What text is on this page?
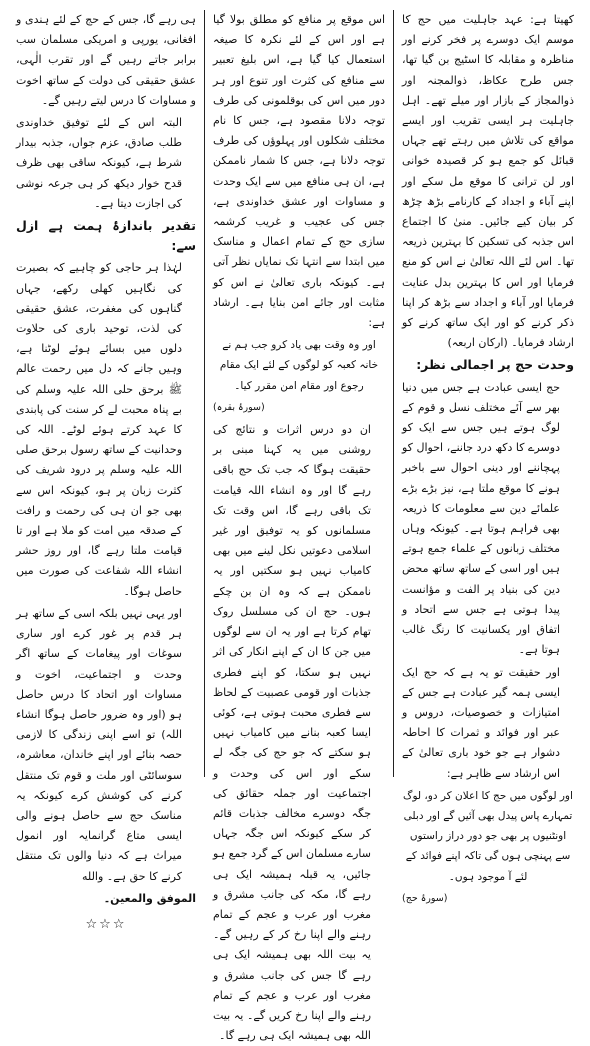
کھیتا ہے: عہد جاہلیت میں حج کا موسم ایک دوسرے پر فخر کرنے اور مناظرہ و مقابلہ کا اسٹیج بن گیا تھا، جس طرح عکاظ، ذوالمجنہ اور ذوالمجاز کے بازار اور میلے تھے۔ اہل جاہلیت ہر ایسی تقریب اور ایسے مواقع کی تلاش میں رہتے تھے جہاں قبائل کو جمع ہو کر قصیدہ خوانی اور لن ترانی کا موقع مل سکے اور اپنے آباء و اجداد کے کارنامے بڑھ چڑھ کر بیان کیے جائیں۔ منیٰ کا اجتماع اس جذبہ کی تسکین کا بہترین ذریعہ تھا۔ اس لئے اللہ تعالیٰ نے اس کو منع فرمایا اور اس کا بہترین بدل عنایت فرمایا اور آباء و اجداد سے بڑھ کر اپنا ذکر کرنے کو اور ایک ساتھ کرنے کو ارشاد فرمایا۔ (ارکان اربعہ)

وحدت حج پر اجمالی نظر:

حج ایسی عبادت ہے جس میں دنیا بھر سے آئے مختلف نسل و قوم کے لوگ ہوتے ہیں جس سے ایک کو دوسرے کا دکھ درد جاننے، احوال کو پہچاننے اور دینی احوال سے باخبر ہونے کا موقع ملتا ہے، نیز بڑے بڑے علمائے دین سے معلومات کا ذریعہ بھی فراہم ہوتا ہے۔ کیونکہ وہاں مختلف زبانوں کے علماء جمع ہوتے ہیں اور اسی کے ساتھ ساتھ محض دین کی بنیاد پر الفت و مؤانست پیدا ہوتی ہے جس سے اتحاد و اتفاق اور یکسانیت کا رنگ غالب ہوتا ہے۔

اور حقیقت تو یہ ہے کہ حج ایک ایسی ہمہ گیر عبادت ہے جس کے امتیازات و خصوصیات، دروس و عبر اور فوائد و ثمرات کا احاطہ دشوار ہے جو خود باری تعالیٰ کے اس ارشاد سے ظاہر ہے:

اور لوگوں میں حج کا اعلان کر دو، لوگ تمہارے پاس پیدل بھی آئیں گے اور دبلی اونٹنیوں پر بھی جو دور دراز راستوں سے پہنچی ہوں گی تاکہ اپنے فوائد کے لئے آ موجود ہوں۔

(سورۂ حج)

اس موقع پر منافع کو مطلق بولا گیا ہے اور اس کے لئے نکرہ کا صیغہ استعمال کیا گیا ہے، اس بلیغ تعبیر سے منافع کی کثرت اور تنوع اور ہر دور میں اس کی بوقلمونی کی طرف توجہ دلانا مقصود ہے، جس کا نام مختلف شکلوں اور پہلوؤں کی طرف توجہ دلانا ہے، جس کا شمار ناممکن ہے، ان ہی منافع میں سے ایک وحدت و مساوات اور عشق خداوندی ہے، جس کی عجیب و غریب کرشمہ سازی حج کے تمام اعمال و مناسک میں ابتدا سے انتہا تک نمایاں نظر آتی ہے۔ کیونکہ باری تعالیٰ نے اس کو مثابت اور جائے امن بنایا ہے۔ ارشاد ہے:

اور وہ وقت بھی یاد کرو جب ہم نے خانہ کعبہ کو لوگوں کے لئے ایک مقام رجوع اور مقام امن مقرر کیا۔

(سورۂ بقرہ)

ان دو درس اثرات و نتائج کی روشنی میں یہ کہنا مبنی بر حقیقت ہوگا کہ جب تک حج باقی رہے گا اور وہ انشاء اللہ قیامت تک باقی رہے گا، اس وقت تک مسلمانوں کو یہ توفیق اور غیر اسلامی دعوتیں نکل لینے میں بھی کامیاب نہیں ہو سکتیں اور یہ ناممکن ہے کہ وہ ان بن چکے ہوں۔ حج ان کی مسلسل روک تھام کرتا ہے اور یہ ان سے لوگوں میں جن کا ان کے اپنے انکار کی اثر نہیں ہو سکتا، کو اپنے فطری جذبات اور قومی عصبیت کے لحاظ سے فطری محبت ہوتی ہے، کوئی ایسا کعبہ بنانے میں کامیاب نہیں ہو سکتے کہ جو حج کی جگہ لے سکے اور اس کی وحدت و اجتماعیت اور جملہ حقائق کی جگہ دوسرے مخالف جذبات قائم کر سکے کیونکہ اس جگہ جہاں سارے مسلمان اس کے گرد جمع ہو جائیں، یہ قبلہ ہمیشہ ایک ہی رہے گا، مکہ کی جانب مشرق و مغرب اور عرب و عجم کے تمام رہنے والے اپنا رخ کر کے رہیں گے۔ یہ بیت اللہ بھی ہمیشہ ایک ہی رہے گا جس کی جانب مشرق و مغرب اور عرب و عجم کے تمام رہنے والے اپنا رخ کریں گے۔ یہ بیت اللہ بھی ہمیشہ ایک ہی رہے گا۔

ہی رہے گا، جس کے حج کے لئے ہندی و افغانی، یورپی و امریکی مسلمان سب برابر جاتے رہیں گے اور تقرب الٰہی، عشق حقیقی کی دولت کے ساتھ اخوت و مساوات کا درس لیتے رہیں گے۔

البتہ اس کے لئے توفیق خداوندی طلب صادق، عزم جواں، جذبہ بیدار شرط ہے، کیونکہ ساقی بھی ظرف قدح خوار دیکھ کر ہی جرعہ نوشی کی اجازت دیتا ہے۔

تقدیر باندازۂ ہمت ہے ازل سے:

لہٰذا ہر حاجی کو چاہیے کہ بصیرت کی نگاہیں کھلی رکھے، جہاں گناہوں کی مغفرت، عشق حقیقی کی لذت، توحید باری کی حلاوت دلوں میں بسائے ہوئے لوٹنا ہے، وہیں جانے کہ دل میں رحمت عالم ﷺ برحق حلی اللہ علیہ وسلم کی بے پناہ محبت لے کر سنت کی پابندی کا عہد کرتے ہوئے لوٹے۔ اللہ کی وحدانیت کے ساتھ رسول برحق صلی اللہ علیہ وسلم پر درود شریف کی کثرت زبان پر ہو، کیونکہ اس سے بھی جو ان ہی کی رحمت و رافت کے صدقہ میں امت کو ملا ہے اور تا قیامت ملتا رہے گا، اور روز حشر انشاء اللہ شفاعت کی صورت میں حاصل ہوگا۔

اور یہی نہیں بلکہ اسی کے ساتھ ہر ہر قدم پر غور کرے اور ساری سوغات اور پیغامات کے ساتھ اگر وحدت و اجتماعیت، اخوت و مساوات اور اتحاد کا درس حاصل ہو (اور وہ ضرور حاصل ہوگا انشاء اللہ) تو اسے اپنی زندگی کا لازمی حصہ بنائے اور اپنے خاندان، معاشرہ، سوسائٹی اور ملت و قوم تک منتقل کرنے کی کوشش کرے کیونکہ یہ مناسک حج سے حاصل ہونے والی ایسی متاع گرانمایہ اور انمول میراث ہے کہ دنیا والوں تک منتقل کرنے کا حق ہے۔ والله

الموفق والمعین۔

☆☆☆
